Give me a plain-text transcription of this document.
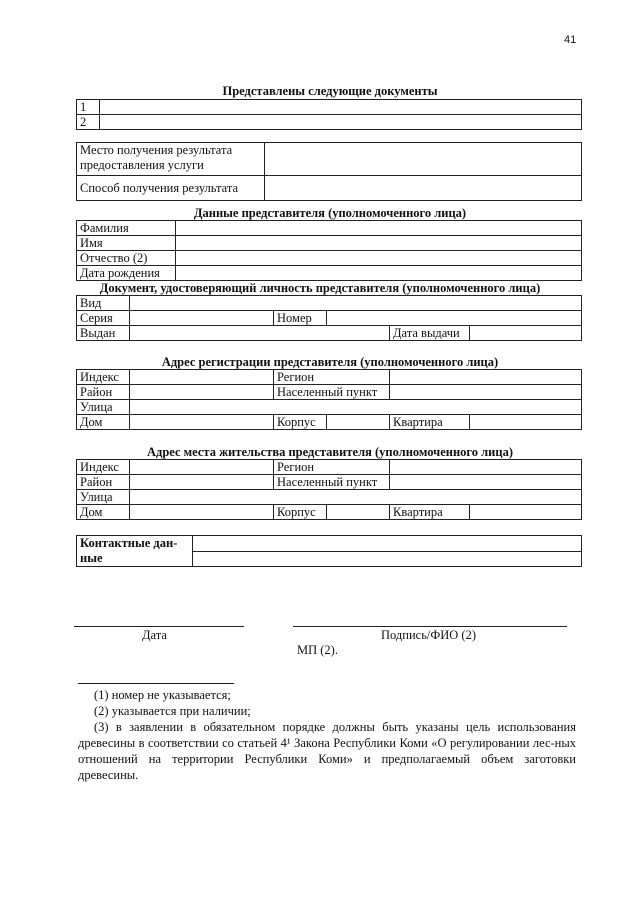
41
Представлены следующие документы
1	
2	
Место получения результата предоставления услуги	
Способ получения результата	
Данные представителя (уполномоченного лица)
Фамилия	
Имя	
Отчество (2)	
Дата рождения	
Документ, удостоверяющий личность представителя (уполномоченного лица)
Вид					
Серия		Номер			
Выдан				Дата выдачи	
Адрес регистрации представителя (уполномоченного лица)
Индекс		Регион		
Район		Населенный пункт		
Улица				
Дом		Корпус	Квартира	
Адрес места жительства представителя (уполномоченного лица)
Индекс		Регион		
Район		Населенный пункт		
Улица				
Дом		Корпус	Квартира	
Контактные дан-ные	
Дата	Подпись/ФИО (2)
МП (2).

(1) номер не указывается;

(2) указывается при наличии;

(3) в заявлении в обязательном порядке должны быть указаны цель использования древесины в соответствии со статьей 4¹ Закона Республики Коми «О регулировании лес-ных отношений на территории Республики Коми» и предполагаемый объем заготовки древесины.
